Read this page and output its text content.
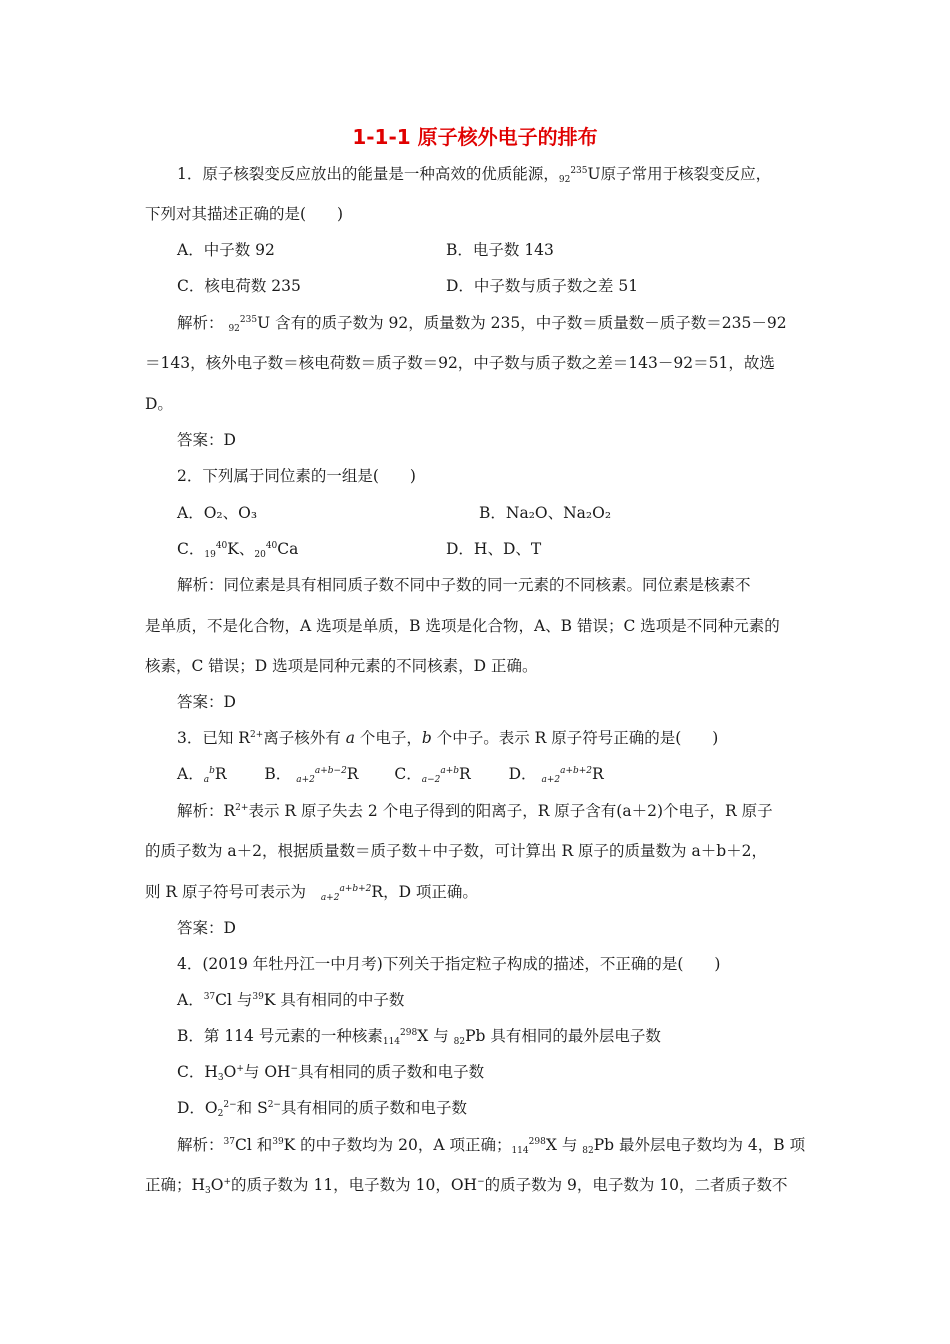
1-1-1 原子核外电子的排布
1．原子核裂变反应放出的能量是一种高效的优质能源，$92^{235}U$原子常用于核裂变反应，
下列对其描述正确的是(　　)
A．中子数 92	B．电子数 143
C．核电荷数 235	D．中子数与质子数之差 51
解析： $92^{235}U$ 含有的质子数为 92，质量数为 235，中子数＝质量数－质子数＝235－92
＝143，核外电子数＝核电荷数＝质子数＝92，中子数与质子数之差＝143－92＝51，故选
D。
答案：D
2．下列属于同位素的一组是(　　)
A．O₂、O₃	B．Na₂O、Na₂O₂
C．$19^{40}K$、$20^{40}Ca$	D．H、D、T
解析：同位素是具有相同质子数不同中子数的同一元素的不同核素。同位素是核素不
是单质，不是化合物，A 选项是单质，B 选项是化合物，A、B 错误；C 选项是不同种元素的
核素，C 错误；D 选项是同种元素的不同核素，D 正确。
答案：D
3．已知 $R^{2+}$离子核外有 a 个电子，b 个中子。表示 R 原子符号正确的是(　　)
A．$a^bR$ B． $a+2^{a+b-2}R$ C．$a-2^{a+b}R$ D． $a+2^{a+b+2}R$
解析：$R^{2+}$表示 R 原子失去 2 个电子得到的阳离子，R 原子含有(a＋2)个电子，R 原子
的质子数为 a＋2，根据质量数＝质子数＋中子数，可计算出 R 原子的质量数为 a＋b＋2，
则 R 原子符号可表示为 $a+2^{a+b+2}R$，D 项正确。
答案：D
4．(2019 年牡丹江一中月考)下列关于指定粒子构成的描述，不正确的是(　　)
A．$^{37}$Cl 与$^{39}$K 具有相同的中子数
B．第 114 号元素的一种核素$114^{298}X$ 与 82Pb 具有相同的最外层电子数
C．H3O+与 OH−具有相同的质子数和电子数
D．$O2^{2-}$和 $S^{2-}$具有相同的质子数和电子数
解析：$^{37}$Cl 和$^{39}$K 的中子数均为 20，A 项正确；$114^{298}X$ 与 82Pb 最外层电子数均为 4，B 项
正确；H3O+的质子数为 11，电子数为 10，OH−的质子数为 9，电子数为 10，二者质子数不
